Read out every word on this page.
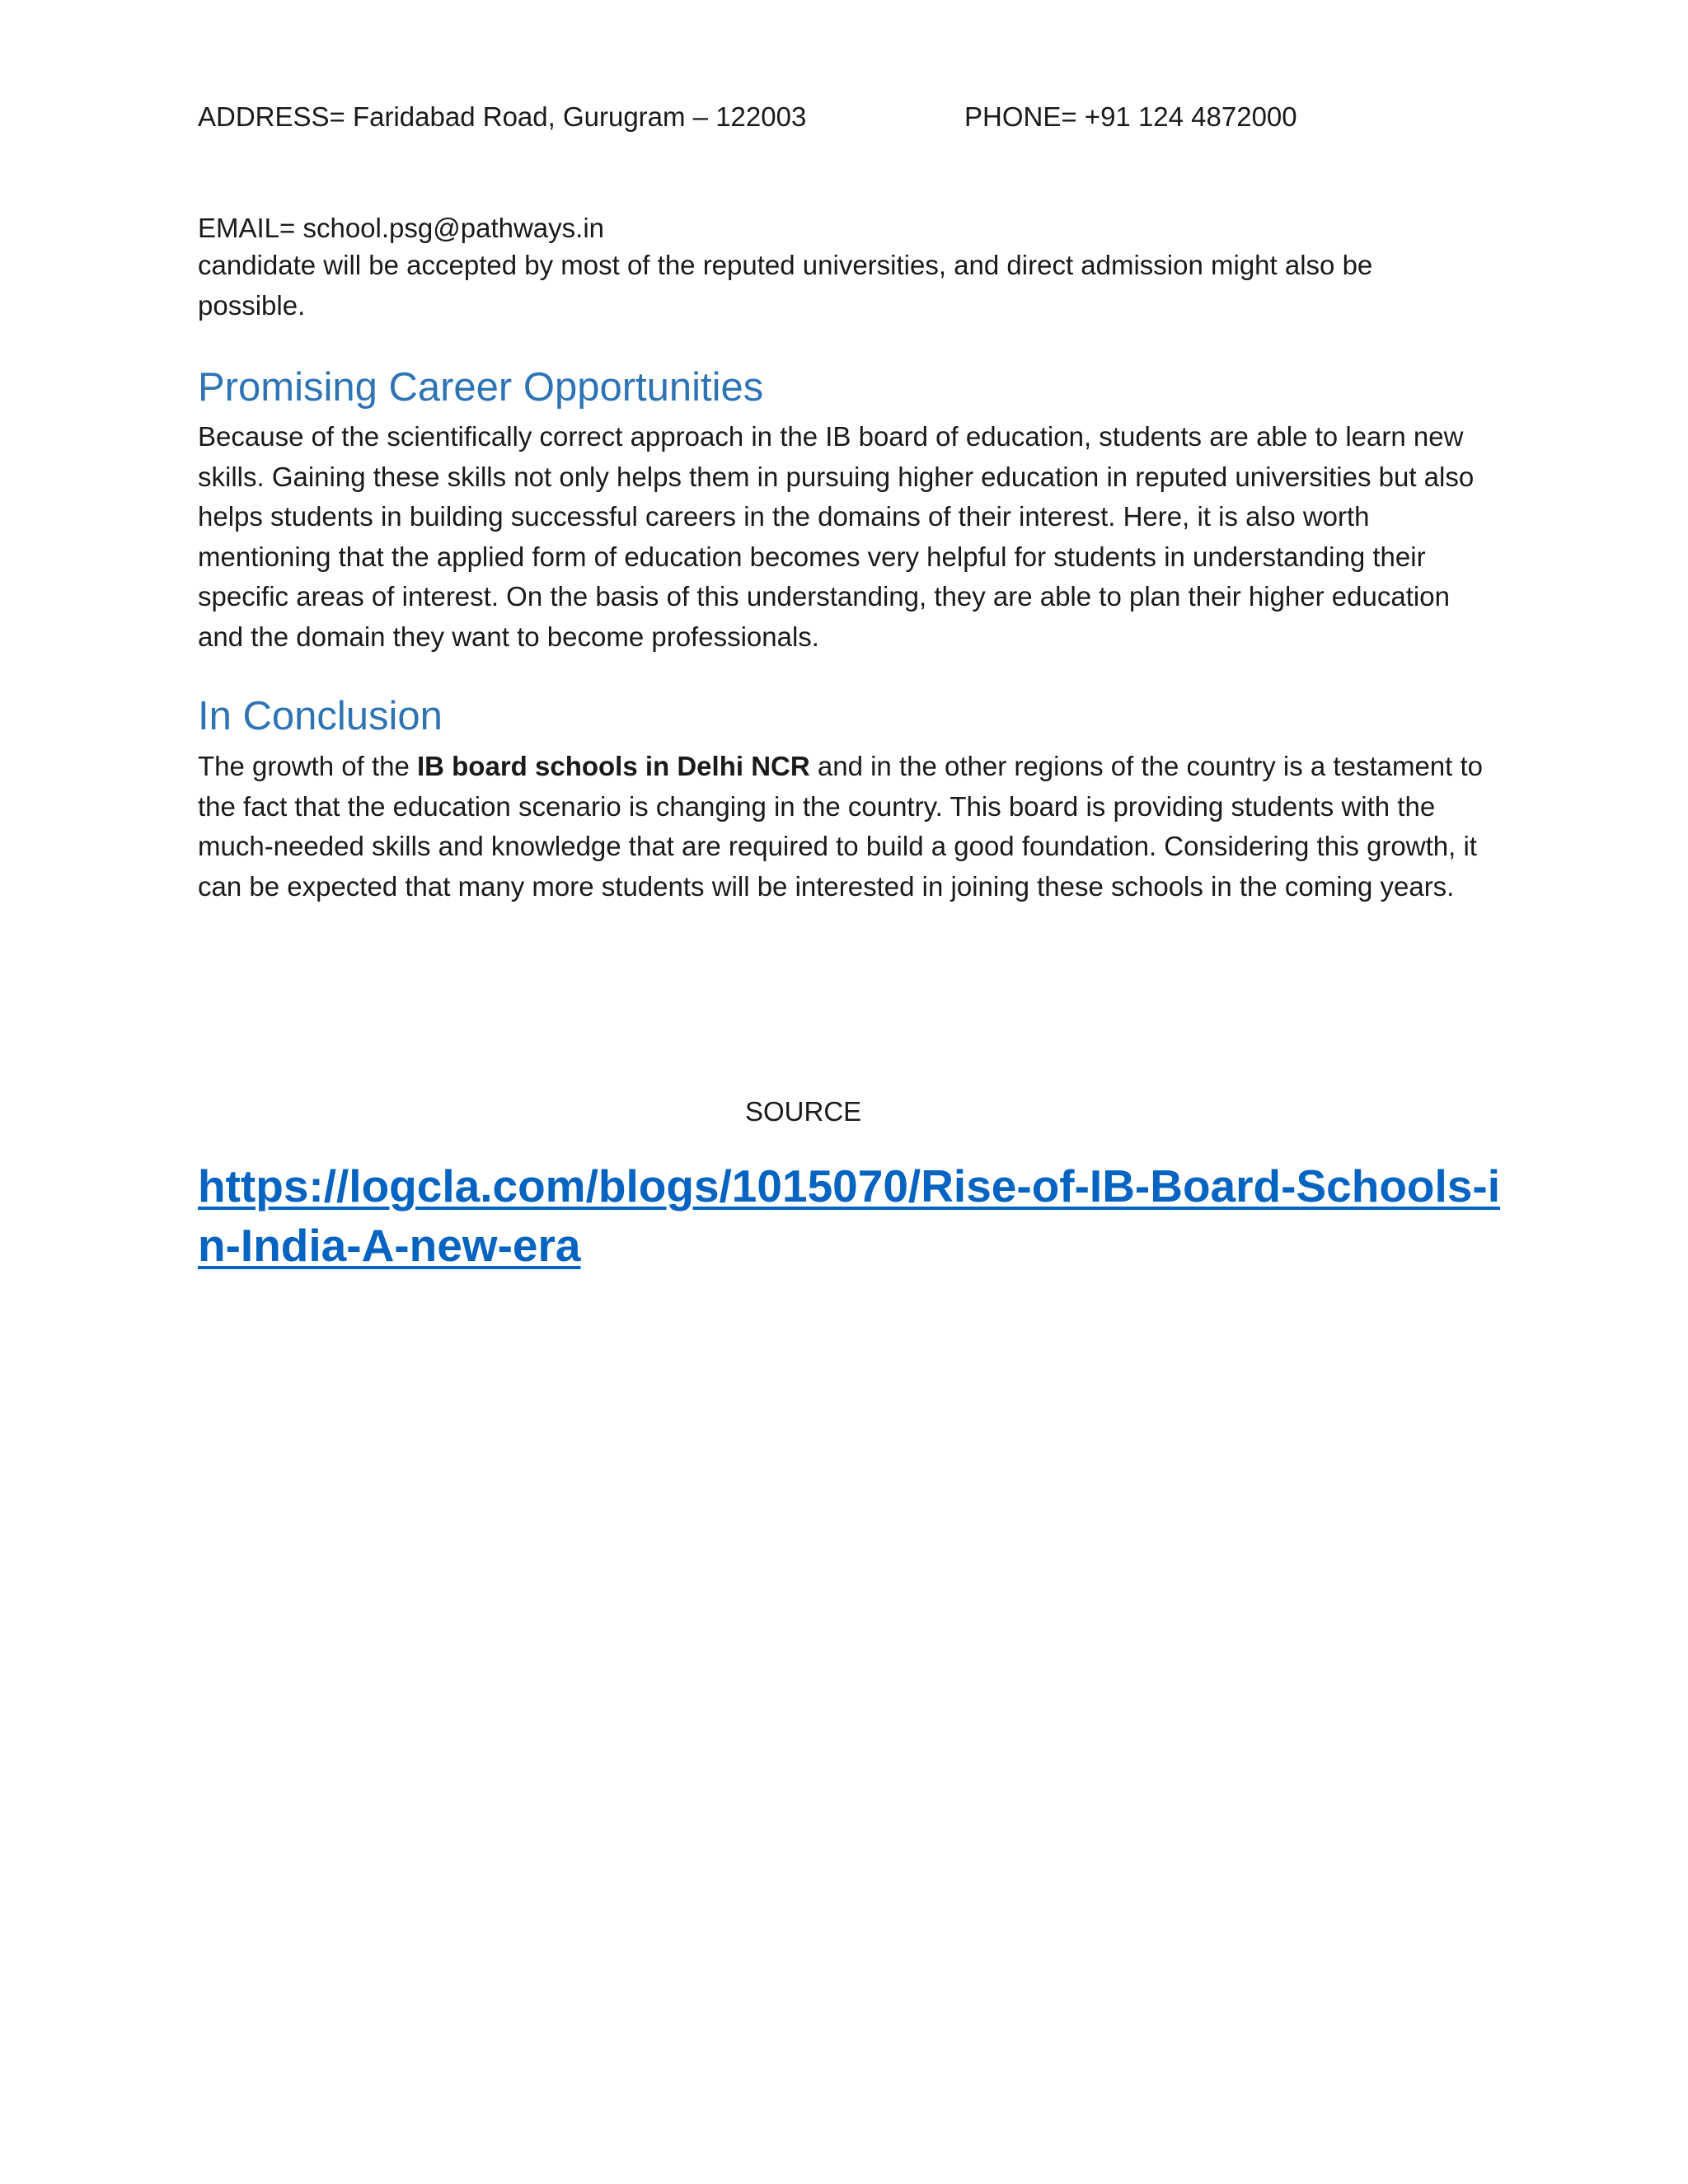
ADDRESS= Faridabad Road, Gurugram – 122003	PHONE= +91 124 4872000
EMAIL= school.psg@pathways.in

candidate will be accepted by most of the reputed universities, and direct admission might also be possible.

Promising Career Opportunities

Because of the scientifically correct approach in the IB board of education, students are able to learn new skills. Gaining these skills not only helps them in pursuing higher education in reputed universities but also helps students in building successful careers in the domains of their interest. Here, it is also worth mentioning that the applied form of education becomes very helpful for students in understanding their specific areas of interest. On the basis of this understanding, they are able to plan their higher education and the domain they want to become professionals.

In Conclusion

The growth of the IB board schools in Delhi NCR and in the other regions of the country is a testament to the fact that the education scenario is changing in the country. This board is providing students with the much-needed skills and knowledge that are required to build a good foundation. Considering this growth, it can be expected that many more students will be interested in joining these schools in the coming years.

SOURCE
https://logcla.com/blogs/1015070/Rise-of-IB-Board-Schools-in-India-A-new-era
